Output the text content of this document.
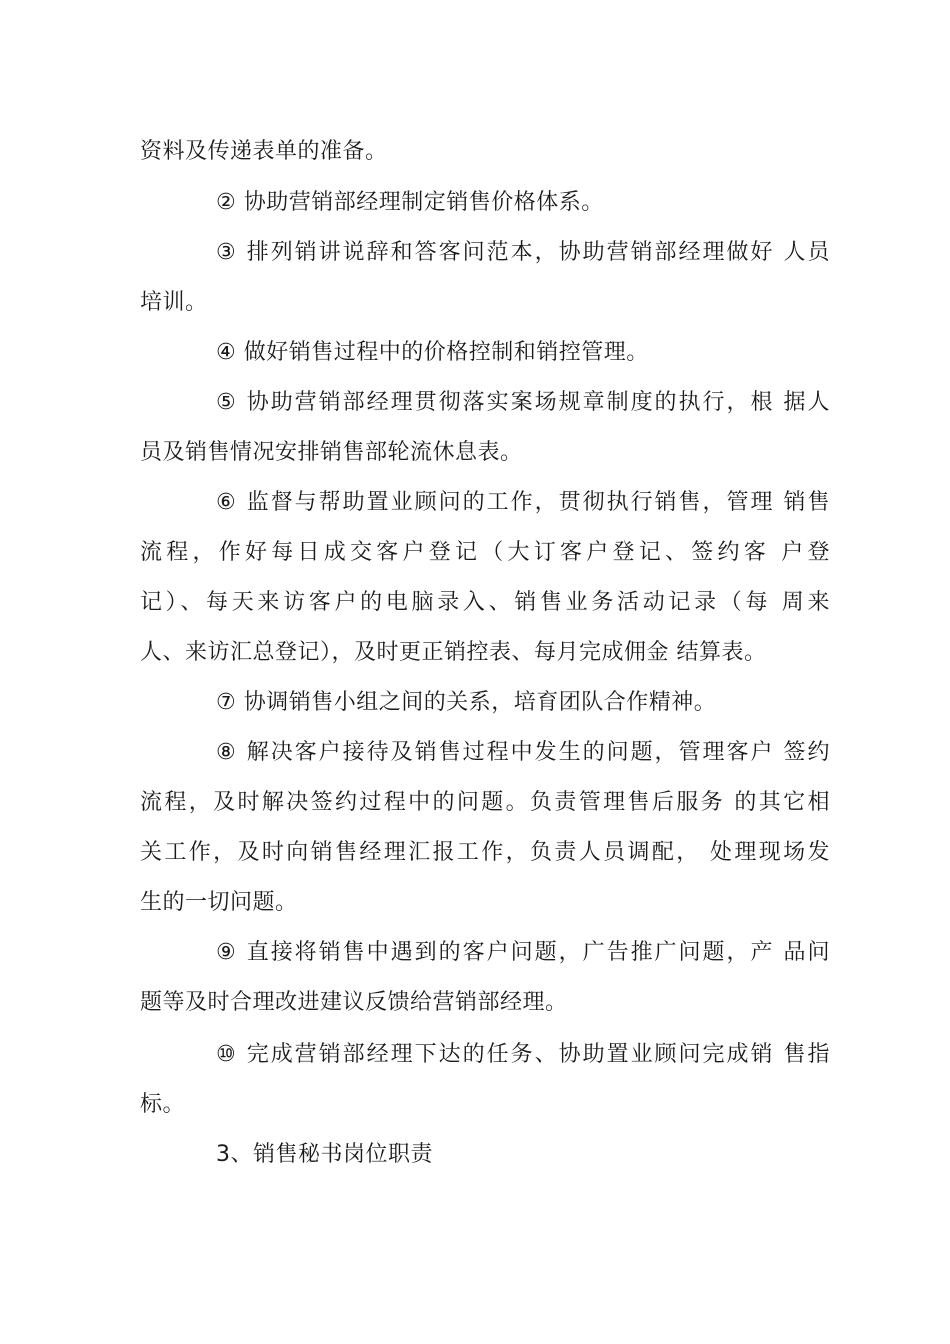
资料及传递表单的准备。
② 协助营销部经理制定销售价格体系。
③ 排列销讲说辞和答客问范本，协助营销部经理做好 人员
培训。
④ 做好销售过程中的价格控制和销控管理。
⑤ 协助营销部经理贯彻落实案场规章制度的执行，根 据人
员及销售情况安排销售部轮流休息表。
⑥ 监督与帮助置业顾问的工作，贯彻执行销售，管理 销售
流程，作好每日成交客户登记（大订客户登记、签约客 户登
记）、每天来访客户的电脑录入、销售业务活动记录（每 周来
人、来访汇总登记），及时更正销控表、每月完成佣金 结算表。
⑦ 协调销售小组之间的关系，培育团队合作精神。
⑧ 解决客户接待及销售过程中发生的问题，管理客户 签约
流程，及时解决签约过程中的问题。负责管理售后服务 的其它相
关工作，及时向销售经理汇报工作，负责人员调配， 处理现场发
生的一切问题。
⑨ 直接将销售中遇到的客户问题，广告推广问题，产 品问
题等及时合理改进建议反馈给营销部经理。
⑩ 完成营销部经理下达的任务、协助置业顾问完成销 售指
标。
3、销售秘书岗位职责
